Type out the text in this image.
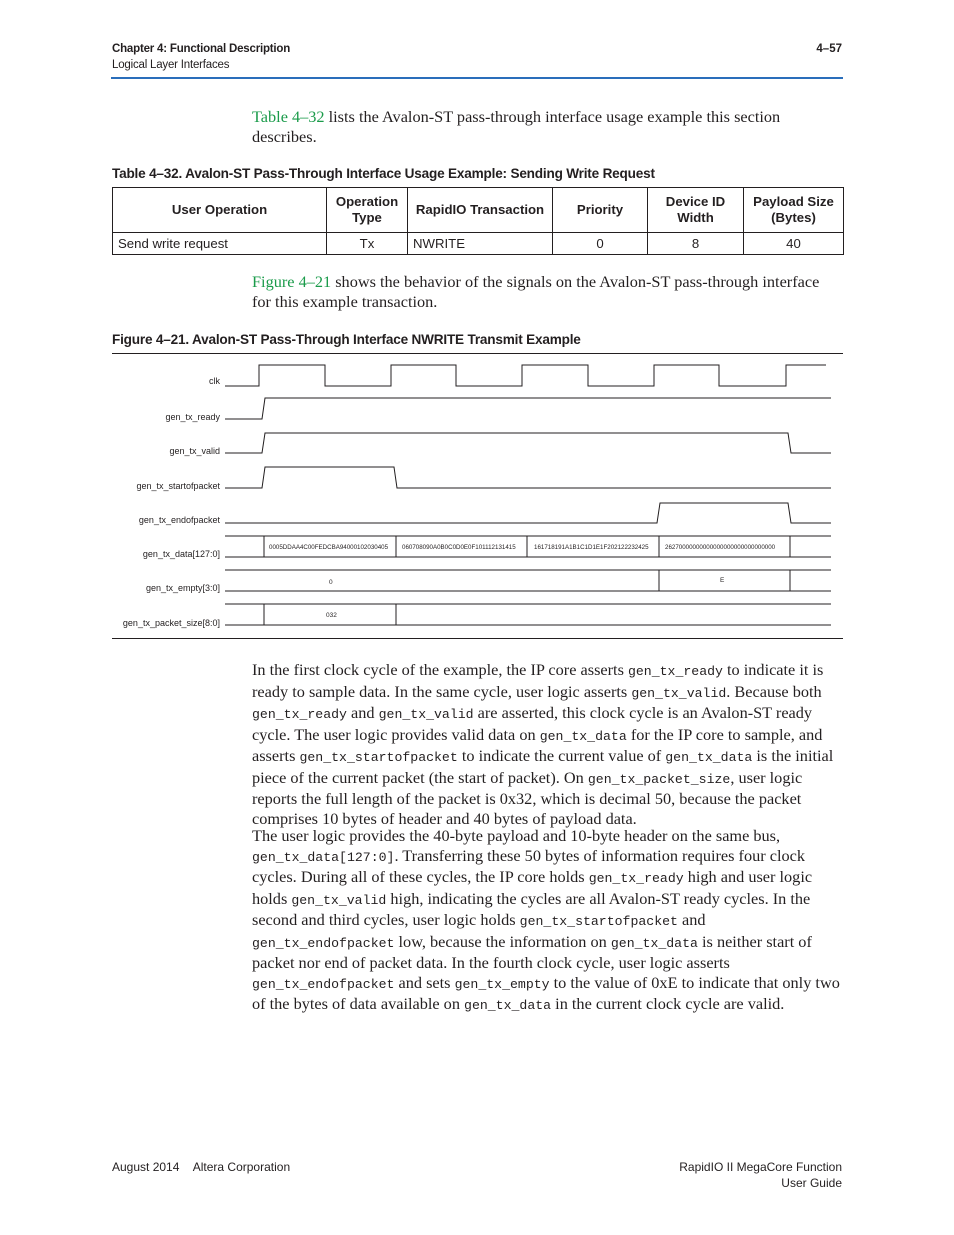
Chapter 4: Functional Description
Logical Layer Interfaces
4–57
Table 4–32 lists the Avalon-ST pass-through interface usage example this section describes.
Table 4–32. Avalon-ST Pass-Through Interface Usage Example: Sending Write Request
User Operation	Operation Type	RapidIO Transaction	Priority	Device ID Width	Payload Size (Bytes)
Send write request	Tx	NWRITE	0	8	40
Figure 4–21 shows the behavior of the signals on the Avalon-ST pass-through interface for this example transaction.
Figure 4–21. Avalon-ST Pass-Through Interface NWRITE Transmit Example
clk
gen_tx_ready
gen_tx_valid
gen_tx_startofpacket
gen_tx_endofpacket
gen_tx_data[127:0]
gen_tx_empty[3:0]
gen_tx_packet_size[8:0]
0005DDAA4C00FEDCBA94000102030405 060708090A0B0C0D0E0F101112131415	161718191A1B1C1D1E1F202122232425	26270000000000000000000000000000
0	E
032
In the first clock cycle of the example, the IP core asserts gen_tx_ready to indicate it is ready to sample data. In the same cycle, user logic asserts gen_tx_valid. Because both gen_tx_ready and gen_tx_valid are asserted, this clock cycle is an Avalon-ST ready cycle. The user logic provides valid data on gen_tx_data for the IP core to sample, and asserts gen_tx_startofpacket to indicate the current value of gen_tx_data is the initial piece of the current packet (the start of packet). On gen_tx_packet_size, user logic reports the full length of the packet is 0x32, which is decimal 50, because the packet comprises 10 bytes of header and 40 bytes of payload data.
The user logic provides the 40-byte payload and 10-byte header on the same bus, gen_tx_data[127:0]. Transferring these 50 bytes of information requires four clock cycles. During all of these cycles, the IP core holds gen_tx_ready high and user logic holds gen_tx_valid high, indicating the cycles are all Avalon-ST ready cycles. In the second and third cycles, user logic holds gen_tx_startofpacket and gen_tx_endofpacket low, because the information on gen_tx_data is neither start of packet nor end of packet data. In the fourth clock cycle, user logic asserts gen_tx_endofpacket and sets gen_tx_empty to the value of 0xE to indicate that only two of the bytes of data available on gen_tx_data in the current clock cycle are valid.
August 2014 Altera Corporation	RapidIO II MegaCore Function
User Guide
